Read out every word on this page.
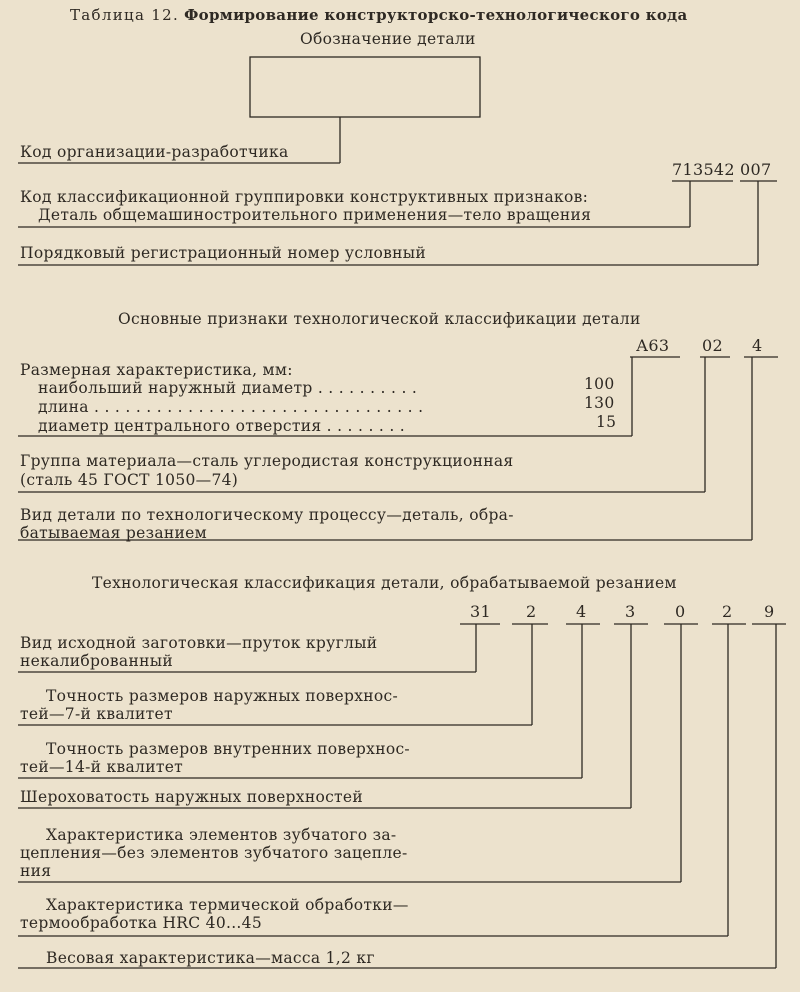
Таблица 12. Формирование конструкторско-технологического кода
Обозначение детали
Код организации-разработчика
713542 007
Код классификационной группировки конструктивных признаков:
Деталь общемашиностроительного применения—тело вращения
Порядковый регистрационный номер условный
Основные признаки технологической классификации детали
А63 02 4
Размерная характеристика, мм:
наибольший наружный диаметр . . . . . . . . . .	100
длина . . . . . . . . . . . . . . . . . . . . . . . . . . . . . . . .	130
диаметр центрального отверстия . . . . . . . .	15
Группа материала—сталь углеродистая конструкционная
(сталь 45 ГОСТ 1050—74)
Вид детали по технологическому процессу—деталь, обра-
батываемая резанием
Технологическая классификация детали, обрабатываемой резанием
31 2 4 3 0 2 9
Вид исходной заготовки—пруток круглый
некалиброванный
Точность размеров наружных поверхнос-
тей—7-й квалитет
Точность размеров внутренних поверхнос-
тей—14-й квалитет
Шероховатость наружных поверхностей
Характеристика элементов зубчатого за-
цепления—без элементов зубчатого зацепле-
ния
Характеристика термической обработки—
термообработка HRC 40...45
Весовая характеристика—масса 1,2 кг
